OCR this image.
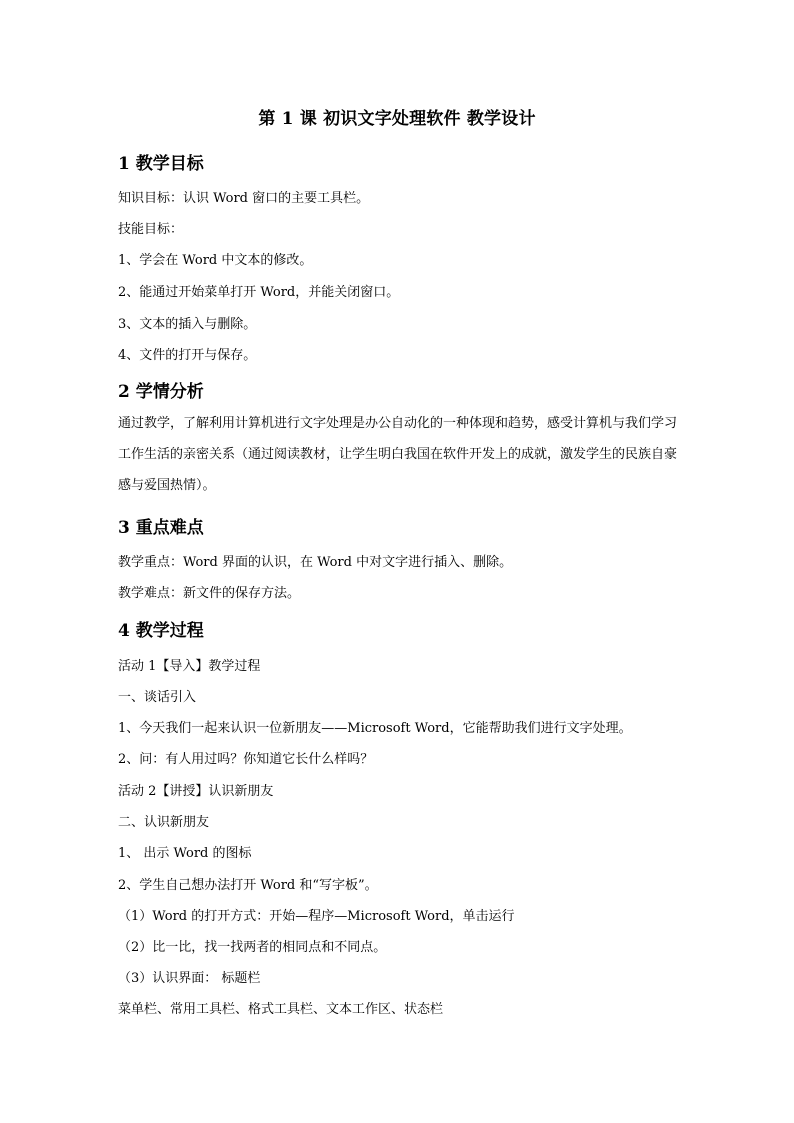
第 1 课 初识文字处理软件 教学设计
1 教学目标
知识目标：认识 Word 窗口的主要工具栏。
技能目标：
1、学会在 Word 中文本的修改。
2、能通过开始菜单打开 Word，并能关闭窗口。
3、文本的插入与删除。
4、文件的打开与保存。
2 学情分析
通过教学，了解利用计算机进行文字处理是办公自动化的一种体现和趋势，感受计算机与我们学习工作生活的亲密关系（通过阅读教材，让学生明白我国在软件开发上的成就，激发学生的民族自豪感与爱国热情）。
3 重点难点
教学重点：Word 界面的认识，在 Word 中对文字进行插入、删除。
教学难点：新文件的保存方法。
4 教学过程
活动 1【导入】教学过程
一、谈话引入
1、今天我们一起来认识一位新朋友——Microsoft Word，它能帮助我们进行文字处理。
2、问：有人用过吗？你知道它长什么样吗？
活动 2【讲授】认识新朋友
二、认识新朋友
1、 出示 Word 的图标
2、学生自己想办法打开 Word 和“写字板”。
（1）Word 的打开方式：开始—程序—Microsoft Word，单击运行
（2）比一比，找一找两者的相同点和不同点。
（3）认识界面： 标题栏
菜单栏、常用工具栏、格式工具栏、文本工作区、状态栏
